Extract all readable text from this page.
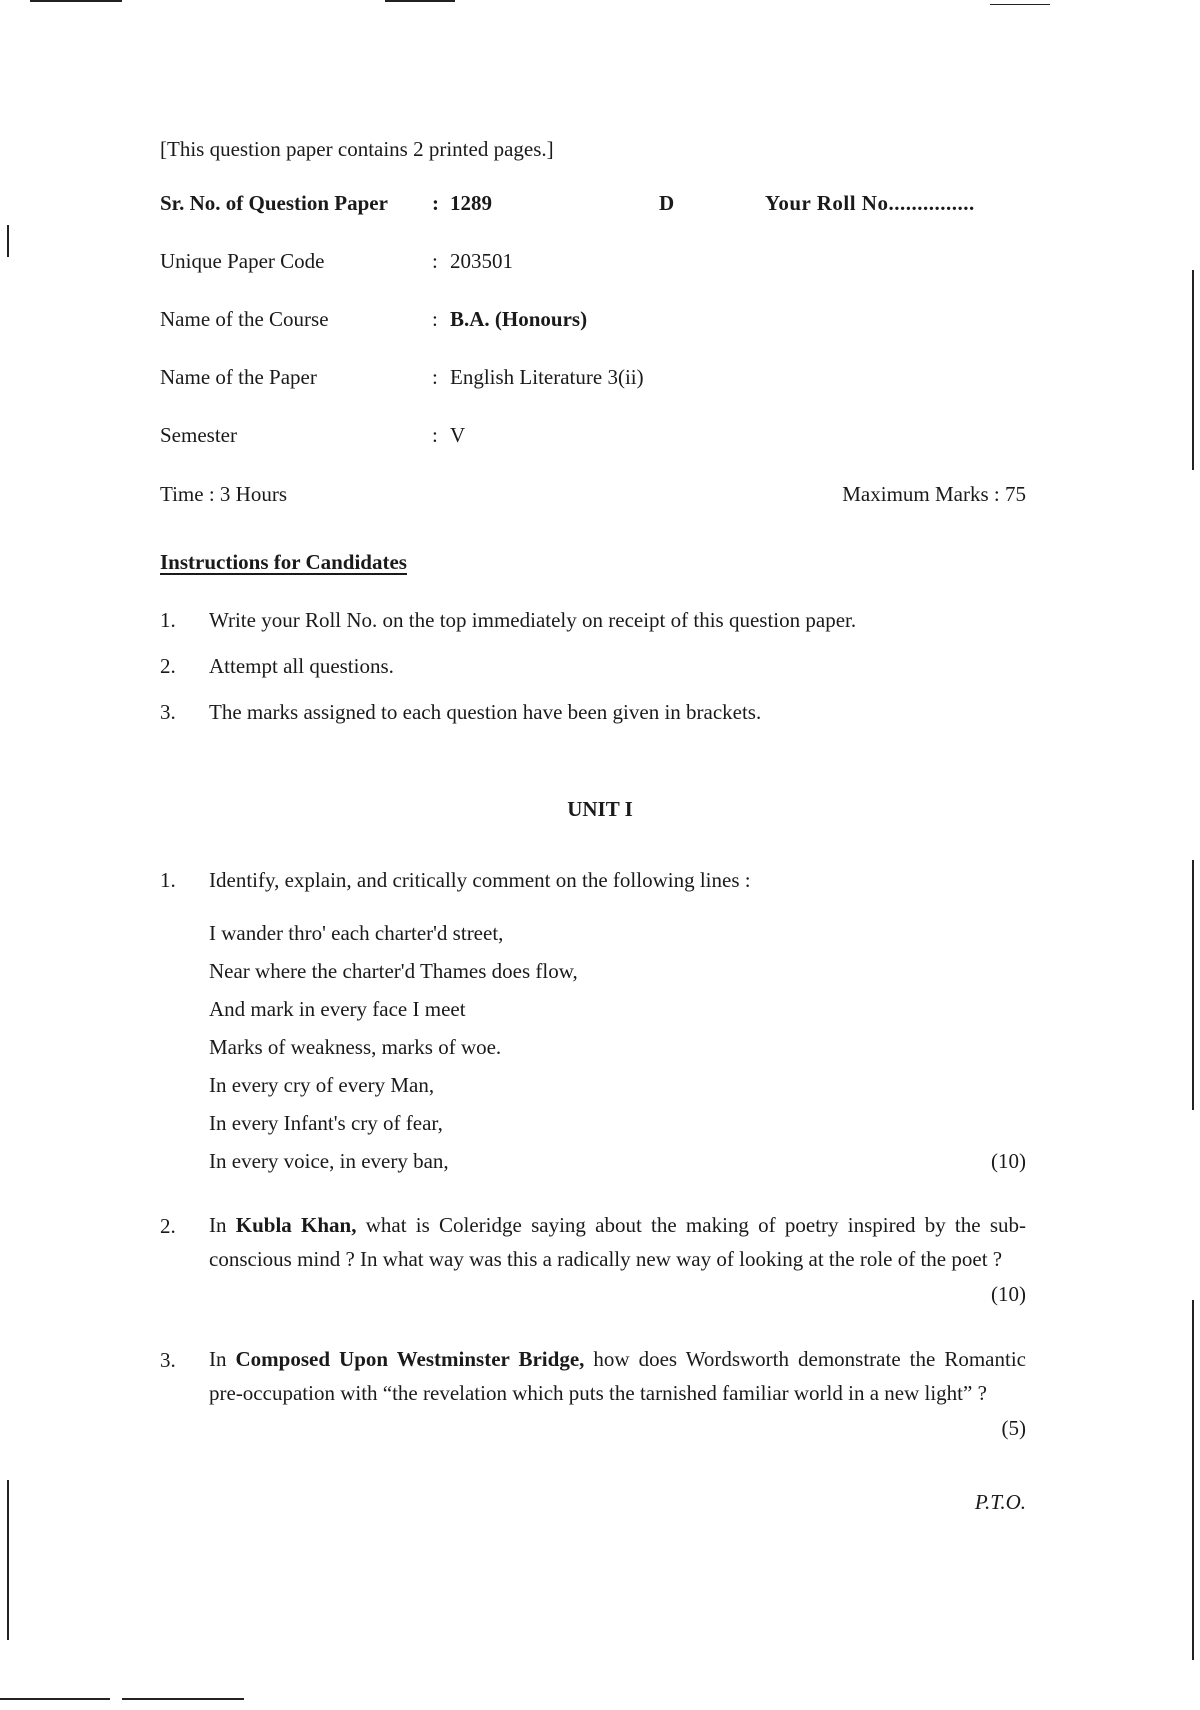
[This question paper contains 2 printed pages.]
Sr. No. of Question Paper : 1289	D	Your Roll No...............
Unique Paper Code	: 203501
Name of the Course	: B.A. (Honours)
Name of the Paper	: English Literature 3(ii)
Semester	: V
Time : 3 Hours	Maximum Marks : 75
Instructions for Candidates
1. Write your Roll No. on the top immediately on receipt of this question paper.
2. Attempt all questions.
3. The marks assigned to each question have been given in brackets.
UNIT I
1. Identify, explain, and critically comment on the following lines :
I wander thro' each charter'd street,
Near where the charter'd Thames does flow,
And mark in every face I meet
Marks of weakness, marks of woe.
In every cry of every Man,
In every Infant's cry of fear,
In every voice, in every ban,	(10)
2. In Kubla Khan, what is Coleridge saying about the making of poetry inspired by the sub-conscious mind ? In what way was this a radically new way of looking at the role of the poet ?
(10)
3. In Composed Upon Westminster Bridge, how does Wordsworth demonstrate the Romantic pre-occupation with “the revelation which puts the tarnished familiar world in a new light” ?
(5)
P.T.O.
